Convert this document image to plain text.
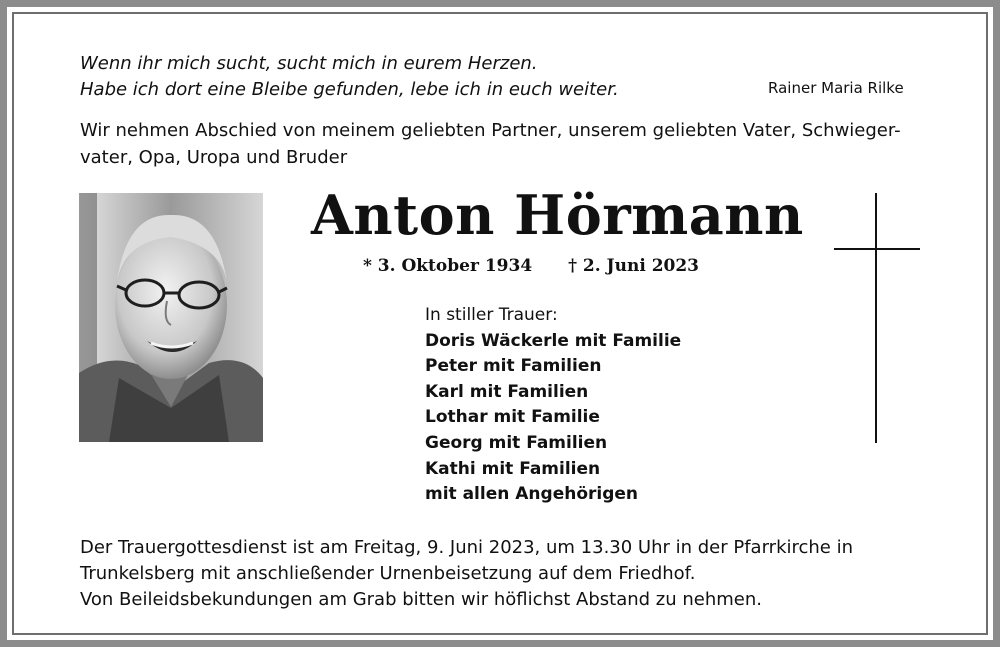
Wenn ihr mich sucht, sucht mich in eurem Herzen.
Habe ich dort eine Bleibe gefunden, lebe ich in euch weiter.	Rainer Maria Rilke
Wir nehmen Abschied von meinem geliebten Partner, unserem geliebten Vater, Schwieger-
vater, Opa, Uropa und Bruder
Anton Hörmann
* 3. Oktober 1934 † 2. Juni 2023
In stiller Trauer:
Doris Wäckerle mit Familie
Peter mit Familien
Karl mit Familien
Lothar mit Familie
Georg mit Familien
Kathi mit Familien
mit allen Angehörigen
Der Trauergottesdienst ist am Freitag, 9. Juni 2023, um 13.30 Uhr in der Pfarrkirche in
Trunkelsberg mit anschließender Urnenbeisetzung auf dem Friedhof.
Von Beileidsbekundungen am Grab bitten wir höflichst Abstand zu nehmen.
